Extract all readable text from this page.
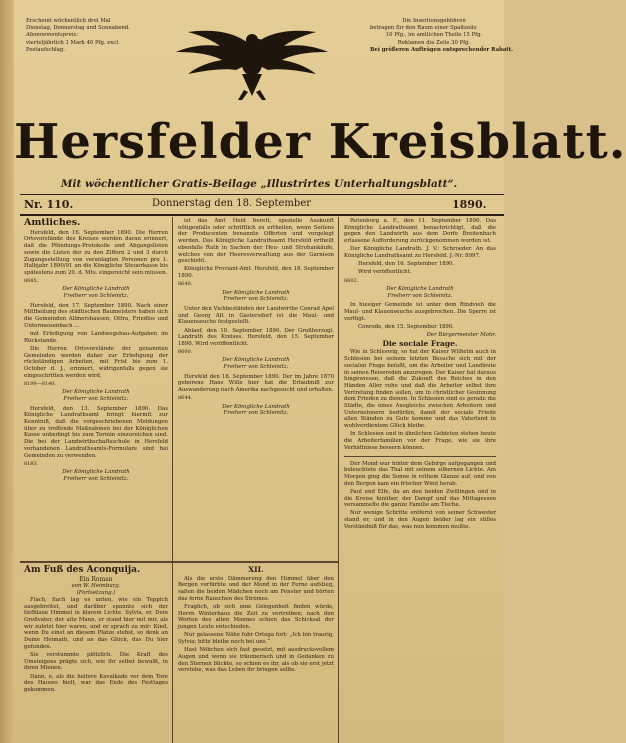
Erscheint wöchentlich drei Mal
Dienstag, Donnerstag und Sonnabend.
Abonnementspreis:
vierteljährlich 1 Mark 40 Pfg. excl.
Postaufschlag.
Die Insertionsgebühren
betragen für den Raum einer Spaltzeile
10 Pfg., im amtlichen Theile 15 Pfg.
Reklamen die Zeile 30 Pfg.
Bei größeren Aufträgen entsprechender Rabatt.
Hersfelder Kreisblatt.
Mit wöchentlicher Gratis-Beilage „Illustrirtes Unterhaltungsblatt“.
Nr. 110.	Donnerstag den 18. September	1890.
Amtliches.

Hersfeld, den 16. September 1890. Die Herren Ortsvorstände des Kreises werden daran erinnert, daß die Pfändungs-Protokolle und Abgangslisten sowie die Listen der zu den Ziffern 2 und 3 durch Zugangsstellung von veranlagten Personen pro 1. Halbjahr 1890/91 an die Königliche Steuerkasse bis spätestens zum 20. d. Mts. eingereicht sein müssen.

8685.

Der Königliche Landrath

Freiherr von Schleinitz.

Hersfeld, den 17. September 1890. Nach einer Mittheilung des städtischen Baumeisters haben sich die Gemeinden Allmershausen, Ottra, Friedlos und Untermeisenbach ...

mit Erledigung von Landwegebau-Aufgaben im Rückstande.

Die Herren Ortsvorstände der genannten Gemeinden werden daher zur Erledigung der rückständigen Arbeiten, mit Frist bis zum 1. October d. J., erinnert, widrigenfalls gegen sie eingeschritten werden wird.

8199—8140.

Der Königliche Landrath

Freiherr von Schleinitz.

Hersfeld, den 13. September 1890. Das Königliche Landrathsamt bringt hiermit zur Kenntniß, daß die vorgeschriebenen Meldungen über zu treffende Maßnahmen bei der Königlichen Kasse unbedingt bis zum Termin einzureichen sind. Die bei der Landwirthschaftsschule in Hersfeld vorhandenen Landrathsamts-Formulare sind bei Gemeinden zu verwenden.

8183.

Der Königliche Landrath

Freiherr von Schleinitz.

ist das Amt Heid berett, spezielle Auskunft nötigenfalls oder schriftlich zu ertheilen, wenn Seitens der Producenten benannte Offerten und vorgelegt werden. Das Königliche Landrathsamt Hersfeld ertheilt ebenfalls Rath in Sachen der Heu- und Strohankäufe, welches von der Heeresverwaltung aus der Garnison geschieht.

Königliche Proviant-Amt. Hersfeld, den 18. September 1890.

8640.

Der Königliche Landrath

Freiherr von Schleinitz.

Unter den Viehbeständen der Landwirthe Conrad Apel und Georg Alt in Gastersdorf ist die Maul- und Klauenseuche festgestellt.

Ablauf, den 10. September 1890. Der Großherzogl. Landrath des Kreises. Hersfeld, den 15. September 1890. Wird veröffentlicht.

8600.

Der Königliche Landrath

Freiherr von Schleinitz.

Hersfeld den 18. September 1890. Der im Jahre 1870 geborene Hans Wille hier hat die Erlaubniß zur Auswanderung nach Amerika nachgesucht und erhalten.

8644.

Der Königliche Landrath

Freiherr von Schleinitz.

Rotenburg a. F., den 11. September 1890. Das Königliche Landrathsamt benachrichtigt, daß die gegen den Landwirth aus dem Dorfe Breitenbach erlassene Aufforderung zurückgenommen worden ist.

Der Königliche Landrath. J. V.: Schroeder. An das Königliche Landrathsamt zu Hersfeld. J.-Nr. 8997.

Hersfeld, den 16. September 1890.

Wird veröffentlicht.

8602.

Der Königliche Landrath

Freiherr von Schleinitz.

In hiesiger Gemeinde ist unter dem Rindvieh die Maul- und Klauenseuche ausgebrochen. Die Sperre ist verfügt.

Conrode, den 15. September 1890.

Der Bürgermeister Mohr.

Die sociale Frage.

Wie in Schleswig, so hat der Kaiser Wilhelm auch in Schlesien bei seinem letzten Besuche sich mit der socialen Frage befaßt, um die Arbeiter und Landleute in seinen Reisereden anzuregen. Der Kaiser hat daraus hingewiesen, daß die Zukunft des Reiches in den Händen Aller ruhe und daß die Arbeiter selbst ihre Vertretung finden sollen, um in christlicher Gesinnung dem Frieden zu dienen. In Schlesien sind es gerade die Städte, die eines Ausgleichs zwischen Arbeitern und Unternehmern bedürfen, damit der sociale Friede allen Ständen zu Gute komme und das Vaterland in wohlverdientem Glück bleibe.

In Schlesien und in ähnlichen Gebieten stehen heute die Arbeiterfamilien vor der Frage, wie sie ihre Verhältnisse bessern können.

Der Mond war hinter dem Gebirge aufgegangen und beleuchtete das Thal mit seinem silbernen Lichte. Am Morgen ging die Sonne in rothem Glanze auf, und von den Bergen kam ein frischer Wind herab.

Paul und Elfe, da an den beiden Zwillingen und in die Kreise hinüber, der Dampf und das Mittagessen versammelte die ganze Familie am Tische.

Nur wenige Schritte entfernt von seiner Schwester stand er, und in den Augen beider lag ein stilles Verständniß für das, was nun kommen mußte.

Am Fuß des Aconquija.

Ein Roman

von W. Heimburg.

(Fortsetzung.)

Flach, flach lag es unten, wie ein Teppich ausgebreitet, und darüber spannte sich der tiefblaue Himmel in klarem Lichte. Sylvia, er, Dein Großvater, der alte Mann, er stand hier mit mir, als wir zuletzt hier waren, und er sprach zu mir: Kind, wenn Du einst an diesem Platze stehst, so denk an Deine Heimath, und an das Glück, das Du hier gefunden.

Sie verstummte plötzlich. Die Kraft des Umsteigens prägte sich, wie ihr selbst bewußt, in ihren Mienen.

Dann, e. als die heitere Kavalkade vor dem Tore des Hauses hielt, war das Ende des Festtages gekommen.

XII.

Als die erste Dämmerung den Himmel über den Bergen verfärbte und der Mond in der Ferne aufstieg, saßen die beiden Mädchen noch am Fenster und hörten das ferne Rauschen des Stromes.

Fraglich, ob sich eine Gelegenheit finden würde, Herrn Winterhaus die Zeit zu vertreiben; nach den Worten des alten Mannes schien das Schicksal der jungen Leute entschieden.

Nur gelassene Nähe fuhr Ortega fort: „Ich bin traurig, Sylvia; bitte bleibe noch bei uns.“

Hast Nöbchen sich fast gesetzt, mit ausdrucksvollem Augen und wenn sie träumerisch und in Gedanken zu den Sternen blickte, so schien es ihr, als ob sie erst jetzt verstehe, was das Leben ihr bringen sollte.
